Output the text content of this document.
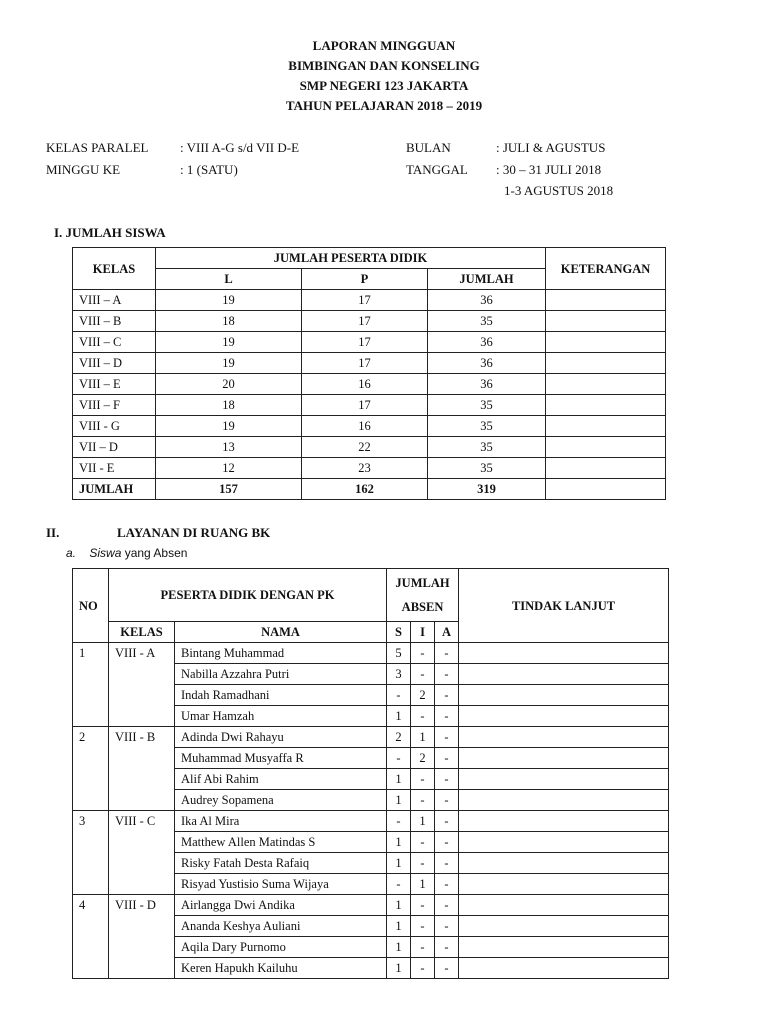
LAPORAN MINGGUAN
BIMBINGAN DAN KONSELING
SMP NEGERI 123 JAKARTA
TAHUN PELAJARAN 2018 – 2019
KELAS PARALEL : VIII A-G s/d VII D-E	BULAN	: JULI & AGUSTUS
MINGGU KE	: 1 (SATU)	TANGGAL : 30 – 31 JULI 2018
1-3 AGUSTUS 2018
I. JUMLAH SISWA
KELAS	JUMLAH PESERTA DIDIK			KETERANGAN
	L	P	JUMLAH	
VIII – A	19	17	36	
VIII – B	18	17	35	
VIII – C	19	17	36	
VIII – D	19	17	36	
VIII – E	20	16	36	
VIII – F	18	17	35	
VIII - G	19	16	35	
VII – D	13	22	35	
VII - E	12	23	35	
JUMLAH	157	162	319	
II.	LAYANAN DI RUANG BK
a. Siswa yang Absen
NO	PESERTA DIDIK DENGAN PK		JUMLAH
ABSEN			TINDAK LANJUT
	KELAS	NAMA	S	I	A	
1	VIII - A	Bintang Muhammad	5	-	-	
		Nabilla Azzahra Putri	3	-	-	
		Indah Ramadhani	-	2	-	
		Umar Hamzah	1	-	-	
2	VIII - B	Adinda Dwi Rahayu	2	1	-	
		Muhammad Musyaffa R	-	2	-	
		Alif Abi Rahim	1	-	-	
		Audrey Sopamena	1	-	-	
3	VIII - C	Ika Al Mira	-	1	-	
		Matthew Allen Matindas S	1	-	-	
		Risky Fatah Desta Rafaiq	1	-	-	
		Risyad Yustisio Suma Wijaya	-	1	-	
4	VIII - D	Airlangga Dwi Andika	1	-	-	
		Ananda Keshya Auliani	1	-	-	
		Aqila Dary Purnomo	1	-	-	
		Keren Hapukh Kailuhu	1	-	-	
